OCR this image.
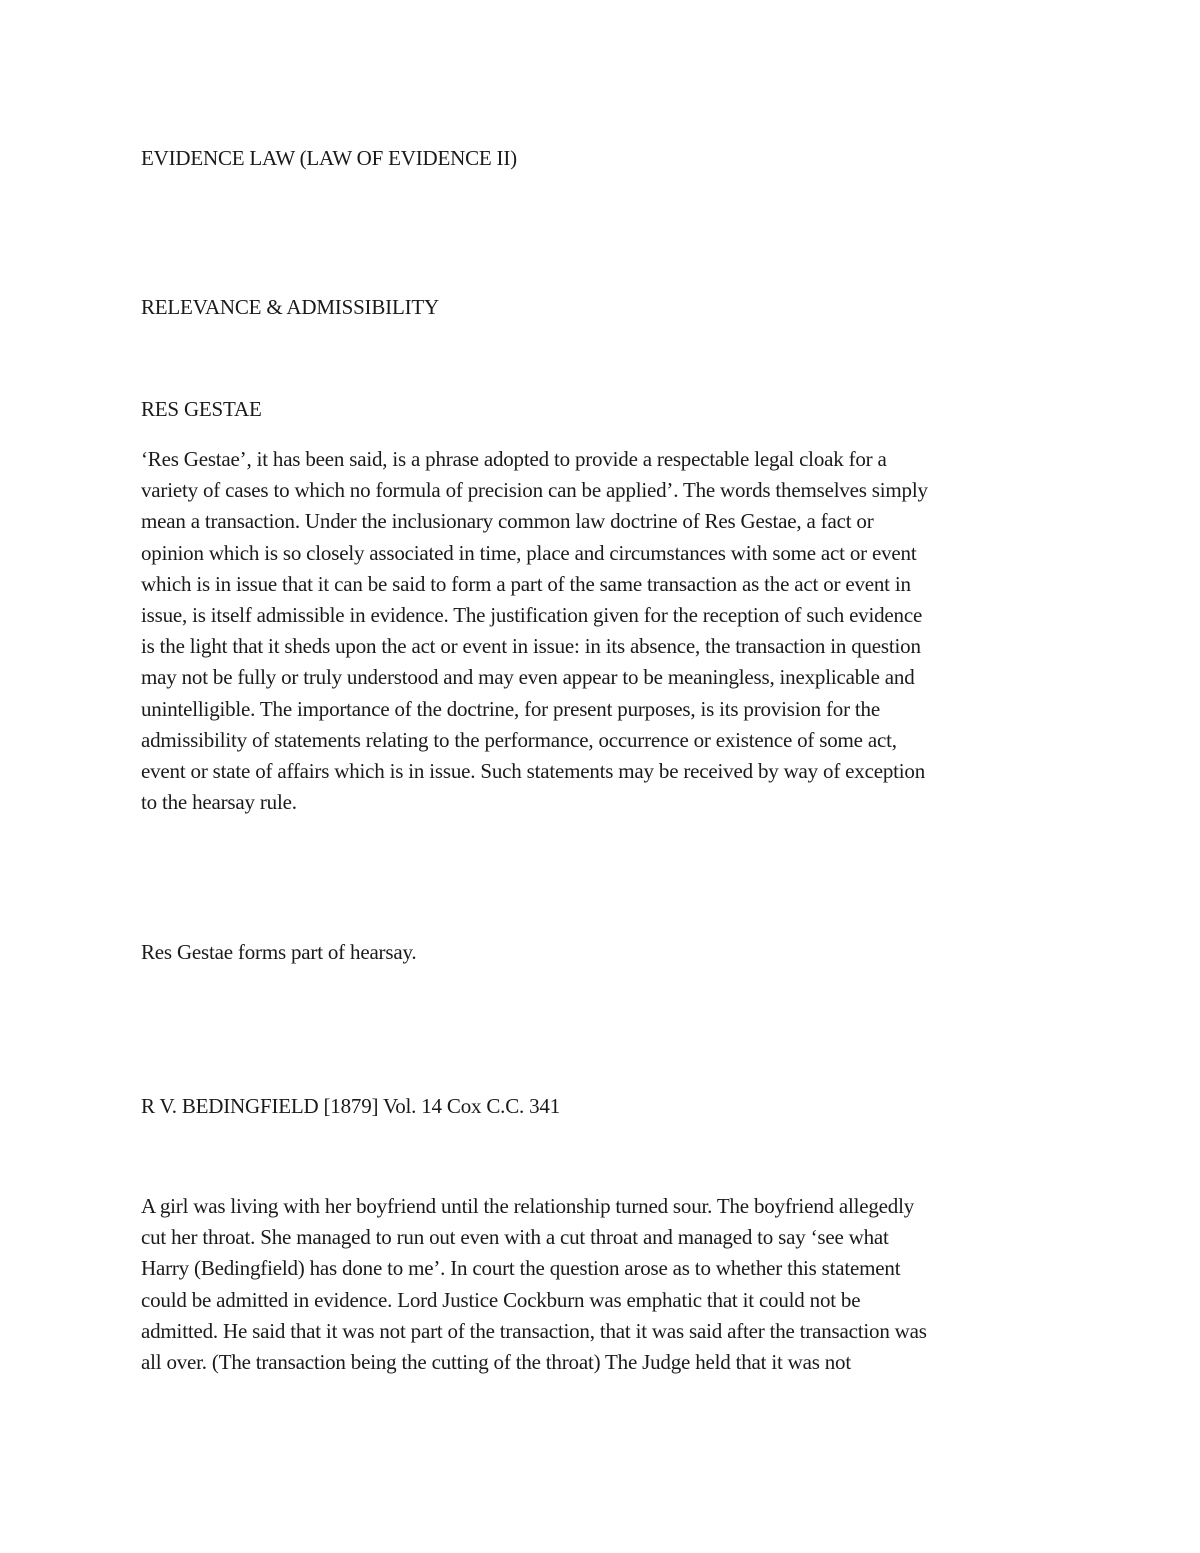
EVIDENCE LAW (LAW OF EVIDENCE II)
RELEVANCE & ADMISSIBILITY
RES GESTAE
‘Res Gestae’, it has been said, is a phrase adopted to provide a respectable legal cloak for a
variety of cases to which no formula of precision can be applied’. The words themselves simply
mean a transaction. Under the inclusionary common law doctrine of Res Gestae, a fact or
opinion which is so closely associated in time, place and circumstances with some act or event
which is in issue that it can be said to form a part of the same transaction as the act or event in
issue, is itself admissible in evidence. The justification given for the reception of such evidence
is the light that it sheds upon the act or event in issue: in its absence, the transaction in question
may not be fully or truly understood and may even appear to be meaningless, inexplicable and
unintelligible. The importance of the doctrine, for present purposes, is its provision for the
admissibility of statements relating to the performance, occurrence or existence of some act,
event or state of affairs which is in issue. Such statements may be received by way of exception
to the hearsay rule.
Res Gestae forms part of hearsay.
R V. BEDINGFIELD [1879] Vol. 14 Cox C.C. 341
A girl was living with her boyfriend until the relationship turned sour. The boyfriend allegedly
cut her throat. She managed to run out even with a cut throat and managed to say ‘see what
Harry (Bedingfield) has done to me’. In court the question arose as to whether this statement
could be admitted in evidence. Lord Justice Cockburn was emphatic that it could not be
admitted. He said that it was not part of the transaction, that it was said after the transaction was
all over. (The transaction being the cutting of the throat) The Judge held that it was not
